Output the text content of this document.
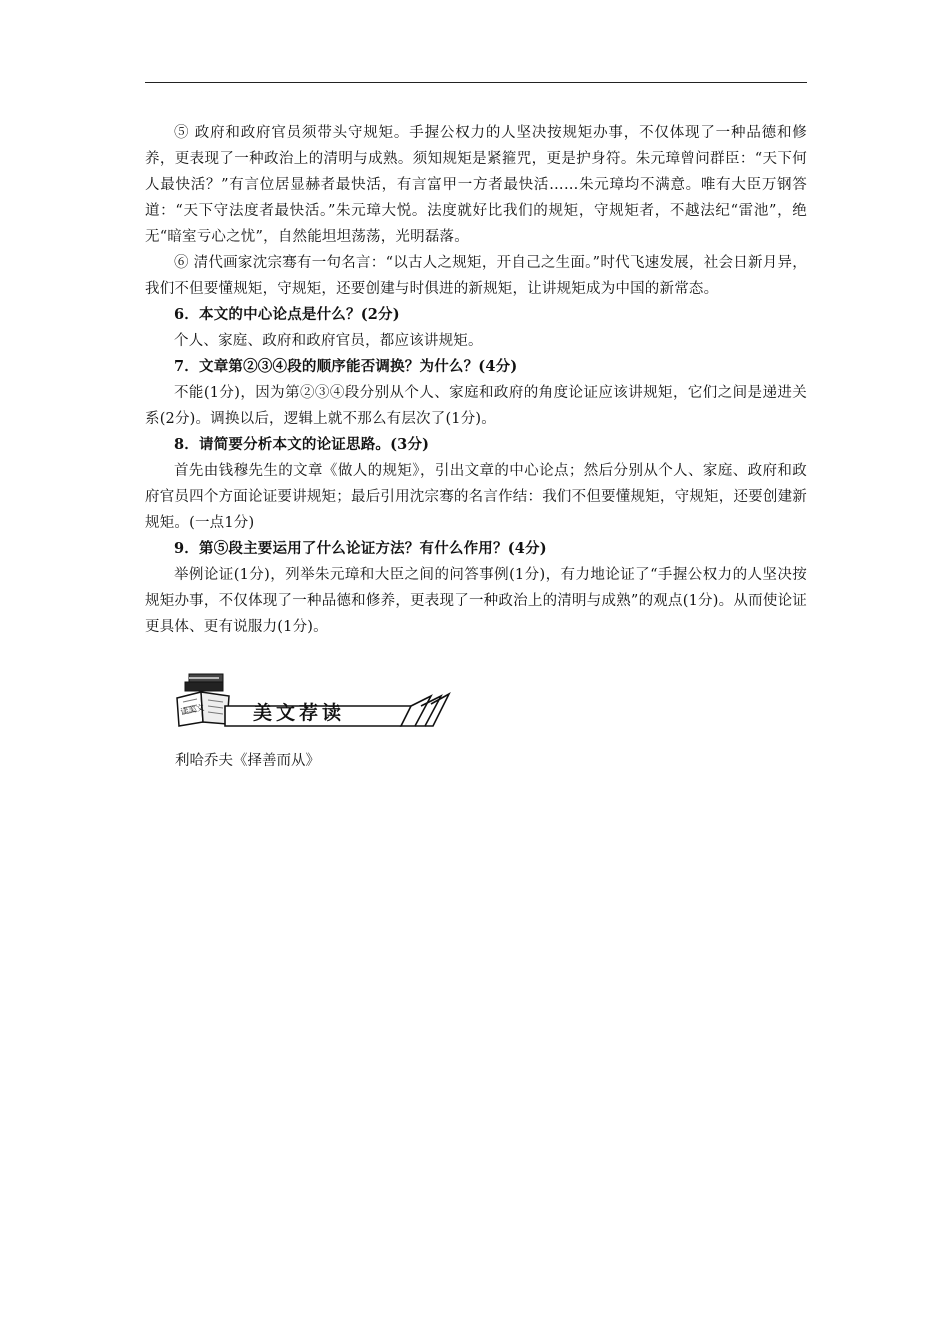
⑤ 政府和政府官员须带头守规矩。手握公权力的人坚决按规矩办事，不仅体现了一种品德和修养，更表现了一种政治上的清明与成熟。须知规矩是紧箍咒，更是护身符。朱元璋曾问群臣：“天下何人最快活？”有言位居显赫者最快活，有言富甲一方者最快活……朱元璋均不满意。唯有大臣万钢答道：“天下守法度者最快活。”朱元璋大悦。法度就好比我们的规矩，守规矩者，不越法纪“雷池”，绝无“暗室亏心之忧”，自然能坦坦荡荡，光明磊落。

⑥ 清代画家沈宗骞有一句名言：“以古人之规矩，开自己之生面。”时代飞速发展，社会日新月异，我们不但要懂规矩，守规矩，还要创建与时俱进的新规矩，让讲规矩成为中国的新常态。

6．本文的中心论点是什么？(2分)

个人、家庭、政府和政府官员，都应该讲规矩。

7．文章第②③④段的顺序能否调换？为什么？(4分)

不能(1分)，因为第②③④段分别从个人、家庭和政府的角度论证应该讲规矩，它们之间是递进关系(2分)。调换以后，逻辑上就不那么有层次了(1分)。

8．请简要分析本文的论证思路。(3分)

首先由钱穆先生的文章《做人的规矩》，引出文章的中心论点；然后分别从个人、家庭、政府和政府官员四个方面论证要讲规矩；最后引用沈宗骞的名言作结：我们不但要懂规矩，守规矩，还要创建新规矩。(一点1分)

9．第⑤段主要运用了什么论证方法？有什么作用？(4分)

举例论证(1分)，列举朱元璋和大臣之间的问答事例(1分)，有力地论证了“手握公权力的人坚决按规矩办事，不仅体现了一种品德和修养，更表现了一种政治上的清明与成熟”的观点(1分)。从而使论证更具体、更有说服力(1分)。

读美文	美文荐读
利哈乔夫《择善而从》
